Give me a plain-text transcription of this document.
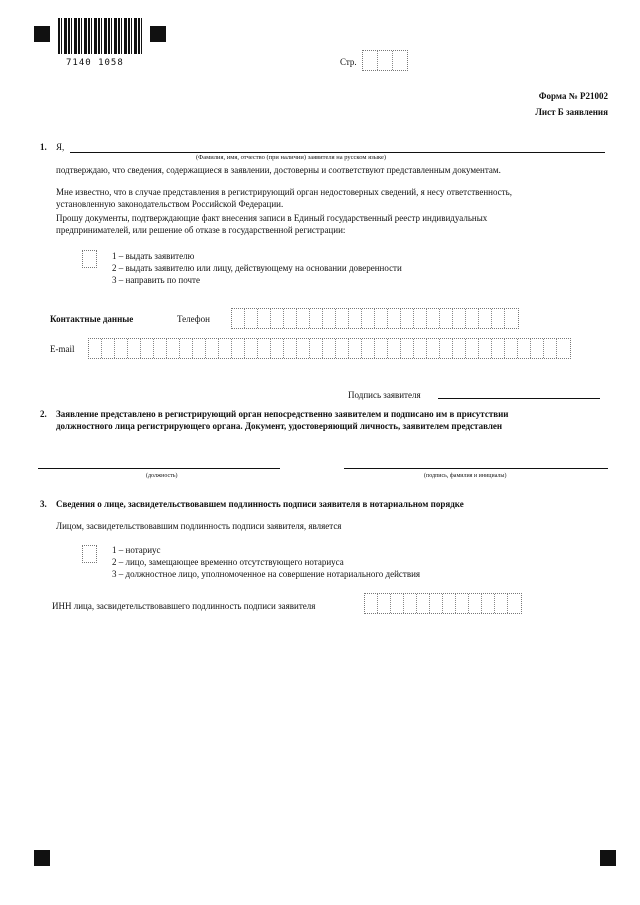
7140 1058	Стр.
Форма № Р21002
Лист Б заявления
1. Я,
(Фамилия, имя, отчество (при наличии) заявителя на русском языке)
подтверждаю, что сведения, содержащиеся в заявлении, достоверны и соответствуют представленным документам.
Мне известно, что в случае представления в регистрирующий орган недостоверных сведений, я несу ответственность,
установленную законодательством Российской Федерации.
Прошу документы, подтверждающие факт внесения записи в Единый государственный реестр индивидуальных
предпринимателей, или решение об отказе в государственной регистрации:
1 – выдать заявителю
2 – выдать заявителю или лицу, действующему на основании доверенности
3 – направить по почте
Контактные данные	Телефон
E-mail
Подпись заявителя
2. Заявление представлено в регистрирующий орган непосредственно заявителем и подписано им в присутствии
должностного лица регистрирующего органа. Документ, удостоверяющий личность, заявителем представлен
(должность)	(подпись, фамилия и инициалы)
3. Сведения о лице, засвидетельствовавшем подлинность подписи заявителя в нотариальном порядке
Лицом, засвидетельствовавшим подлинность подписи заявителя, является
1 – нотариус
2 – лицо, замещающее временно отсутствующего нотариуса
3 – должностное лицо, уполномоченное на совершение нотариального действия
ИНН лица, засвидетельствовавшего подлинность подписи заявителя
